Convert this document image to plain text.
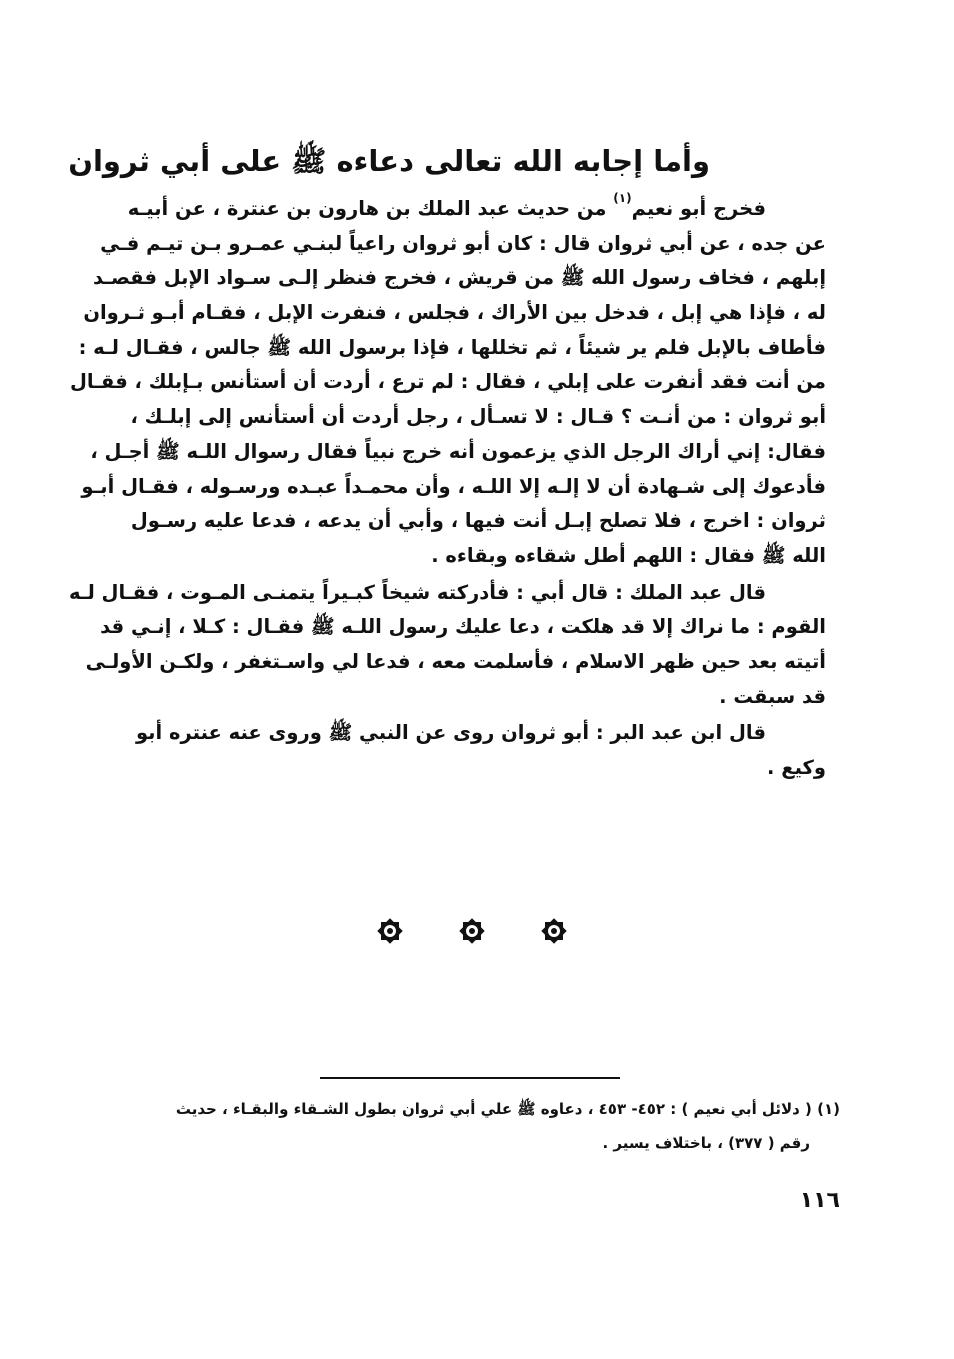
وأما إجابه الله تعالى دعاءه ﷺ على أبي ثروان

فخرج أبو نعيم$^{(١)}$ من حديث عبد الملك بن هارون بن عنترة ، عن أبيـه
عن جده ، عن أبي ثروان قال : كان أبو ثروان راعياً لبنـي عمـرو بـن تيـم فـي
إبلهم ، فخاف رسول الله ﷺ من قريش ، فخرج فنظر إلـى سـواد الإبل فقصـد
له ، فإذا هي إبل ، فدخل بين الأراك ، فجلس ، فنفرت الإبل ، فقـام أبـو ثـروان
فأطاف بالإبل فلم ير شيئاً ، ثم تخللها ، فإذا برسول الله ﷺ جالس ، فقـال لـه :
من أنت فقد أنفرت على إبلي ، فقال : لم ترع ، أردت أن أستأنس بـإبلك ، فقـال
أبو ثروان : من أنـت ؟ قـال : لا تسـأل ، رجل أردت أن أستأنس إلى إبلـك ،
فقال: إني أراك الرجل الذي يزعمون أنه خرج نبياً فقال رسوال اللـه ﷺ أجـل ،
فأدعوك إلى شـهادة أن لا إلـه إلا اللـه ، وأن محمـداً عبـده ورسـوله ، فقـال أبـو
ثروان : اخرج ، فلا تصلح إبـل أنت فيها ، وأبي أن يدعه ، فدعا عليه رسـول
الله ﷺ فقال : اللهم أطل شقاءه وبقاءه .

قال عبد الملك : قال أبي : فأدركته شيخاً كبـيراً يتمنـى المـوت ، فقـال لـه
القوم : ما نراك إلا قد هلكت ، دعا عليك رسول اللـه ﷺ فقـال : كـلا ، إنـي قد
أتيته بعد حين ظهر الاسلام ، فأسلمت معه ، فدعا لي واسـتغفر ، ولكـن الأولـى
قد سبقت .

قال ابن عبد البر : أبو ثروان روى عن النبي ﷺ وروى عنه عنتره أبو
وكيع .

(١) ( دلائل أبي نعيم ) : ٤٥٢- ٤٥٣ ، دعاوه ﷺ علي أبي ثروان بطول الشـقاء والبقـاء ، حديث
رقم ( ٣٧٧) ، باختلاف يسير .
١١٦
